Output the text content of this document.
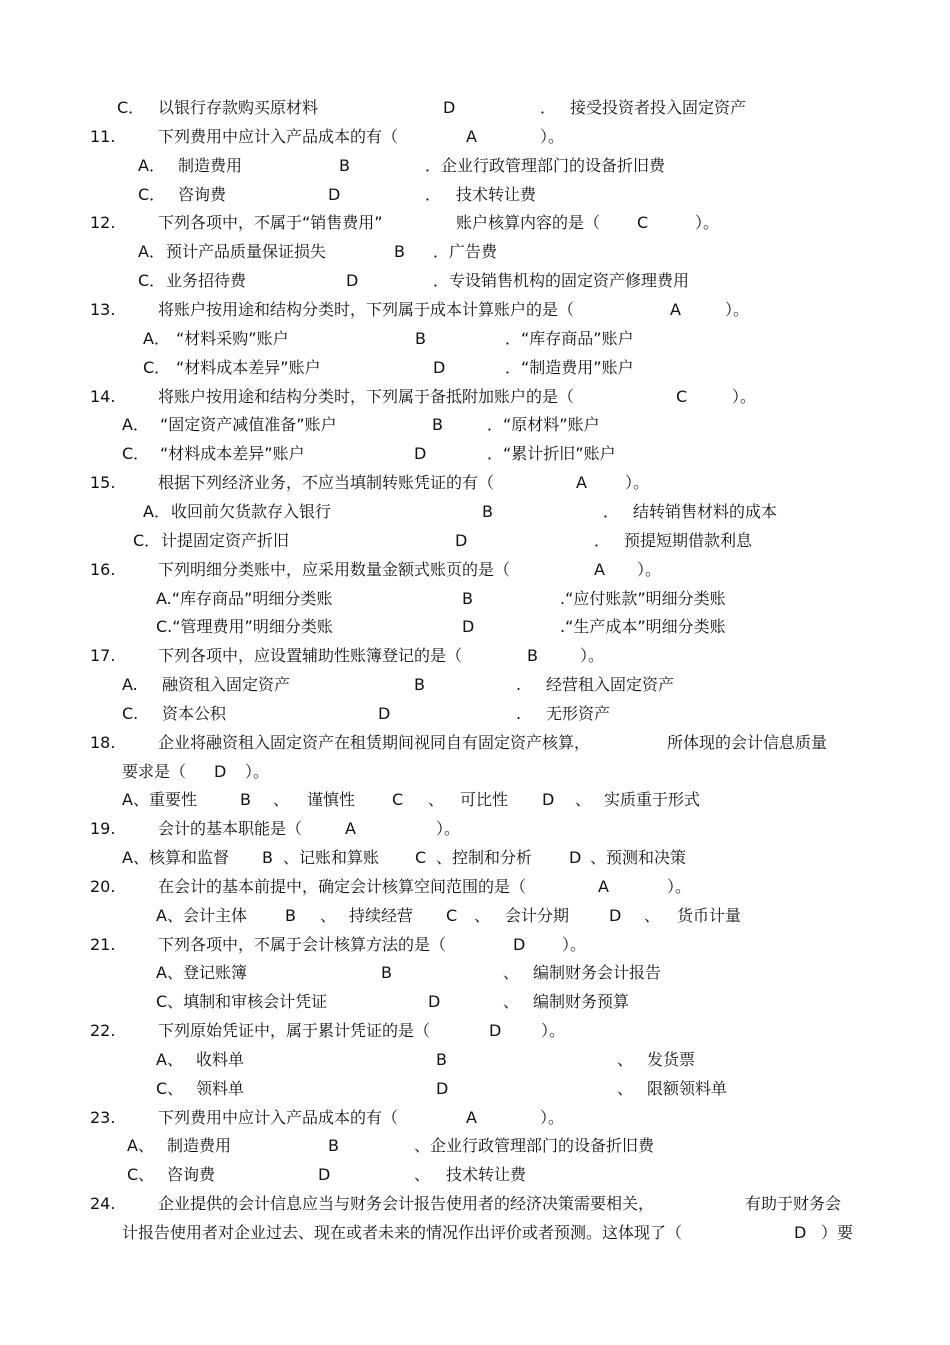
C． 以银行存款购买原材料	D	． 接受投资者投入固定资产
11.	下列费用中应计入产品成本的有（	A	）。
A． 制造费用	B	．企业行政管理部门的设备折旧费
C． 咨询费	D	． 技术转让费
12.	下列各项中，不属于“销售费用”	账户核算内容的是（ C	）。
A． 预计产品质量保证损失	B ．广告费
C． 业务招待费	D	．专设销售机构的固定资产修理费用
13.	将账户按用途和结构分类时，下列属于成本计算账户的是（	A	）。
A． “材料采购”账户	B	．“库存商品”账户
C． “材料成本差异”账户	D	．“制造费用”账户
14.	将账户按用途和结构分类时，下列属于备抵附加账户的是（	C	）。
A． “固定资产减值准备”账户	B	．“原材料”账户
C． “材料成本差异”账户	D	．“累计折旧”账户
15.	根据下列经济业务，不应当填制转账凭证的有（	A ）。
A． 收回前欠货款存入银行	B	． 结转销售材料的成本
C． 计提固定资产折旧	D	． 预提短期借款利息
16.	下列明细分类账中，应采用数量金额式账页的是（	A ）。
A.“库存商品”明细分类账	B	.“应付账款”明细分类账
C.“管理费用”明细分类账	D	.“生产成本”明细分类账
17.	下列各项中，应设置辅助性账簿登记的是（	B	）。
A. 融资租入固定资产	B	. 经营租入固定资产
C. 资本公积	D	. 无形资产
18.	企业将融资租入固定资产在租赁期间视同自有固定资产核算，	所体现的会计信息质量
要求是（ D ）。
A、重要性	B 、 谨慎性 C 、 可比性 D 、 实质重于形式
19.	会计的基本职能是（	A	）。
A、核算和监督 B 、记账和算账 C 、控制和分析 D 、预测和决策
20.	在会计的基本前提中，确定会计核算空间范围的是（	A	）。
A、会计主体 B 、 持续经营 C 、 会计分期 D 、 货币计量
21.	下列各项中，不属于会计核算方法的是（	D ）。
A、登记账簿	B	、 编制财务会计报告
C、填制和审核会计凭证	D	、 编制财务预算
22.	下列原始凭证中，属于累计凭证的是（	D ）。
A、 收料单	B	、 发货票
C、 领料单	D	、 限额领料单
23.	下列费用中应计入产品成本的有（	A	）。
A、 制造费用	B	、企业行政管理部门的设备折旧费
C、 咨询费	D	、 技术转让费
24.	企业提供的会计信息应当与财务会计报告使用者的经济决策需要相关，	有助于财务会
计报告使用者对企业过去、现在或者未来的情况作出评价或者预测。这体现了（	D ）要
